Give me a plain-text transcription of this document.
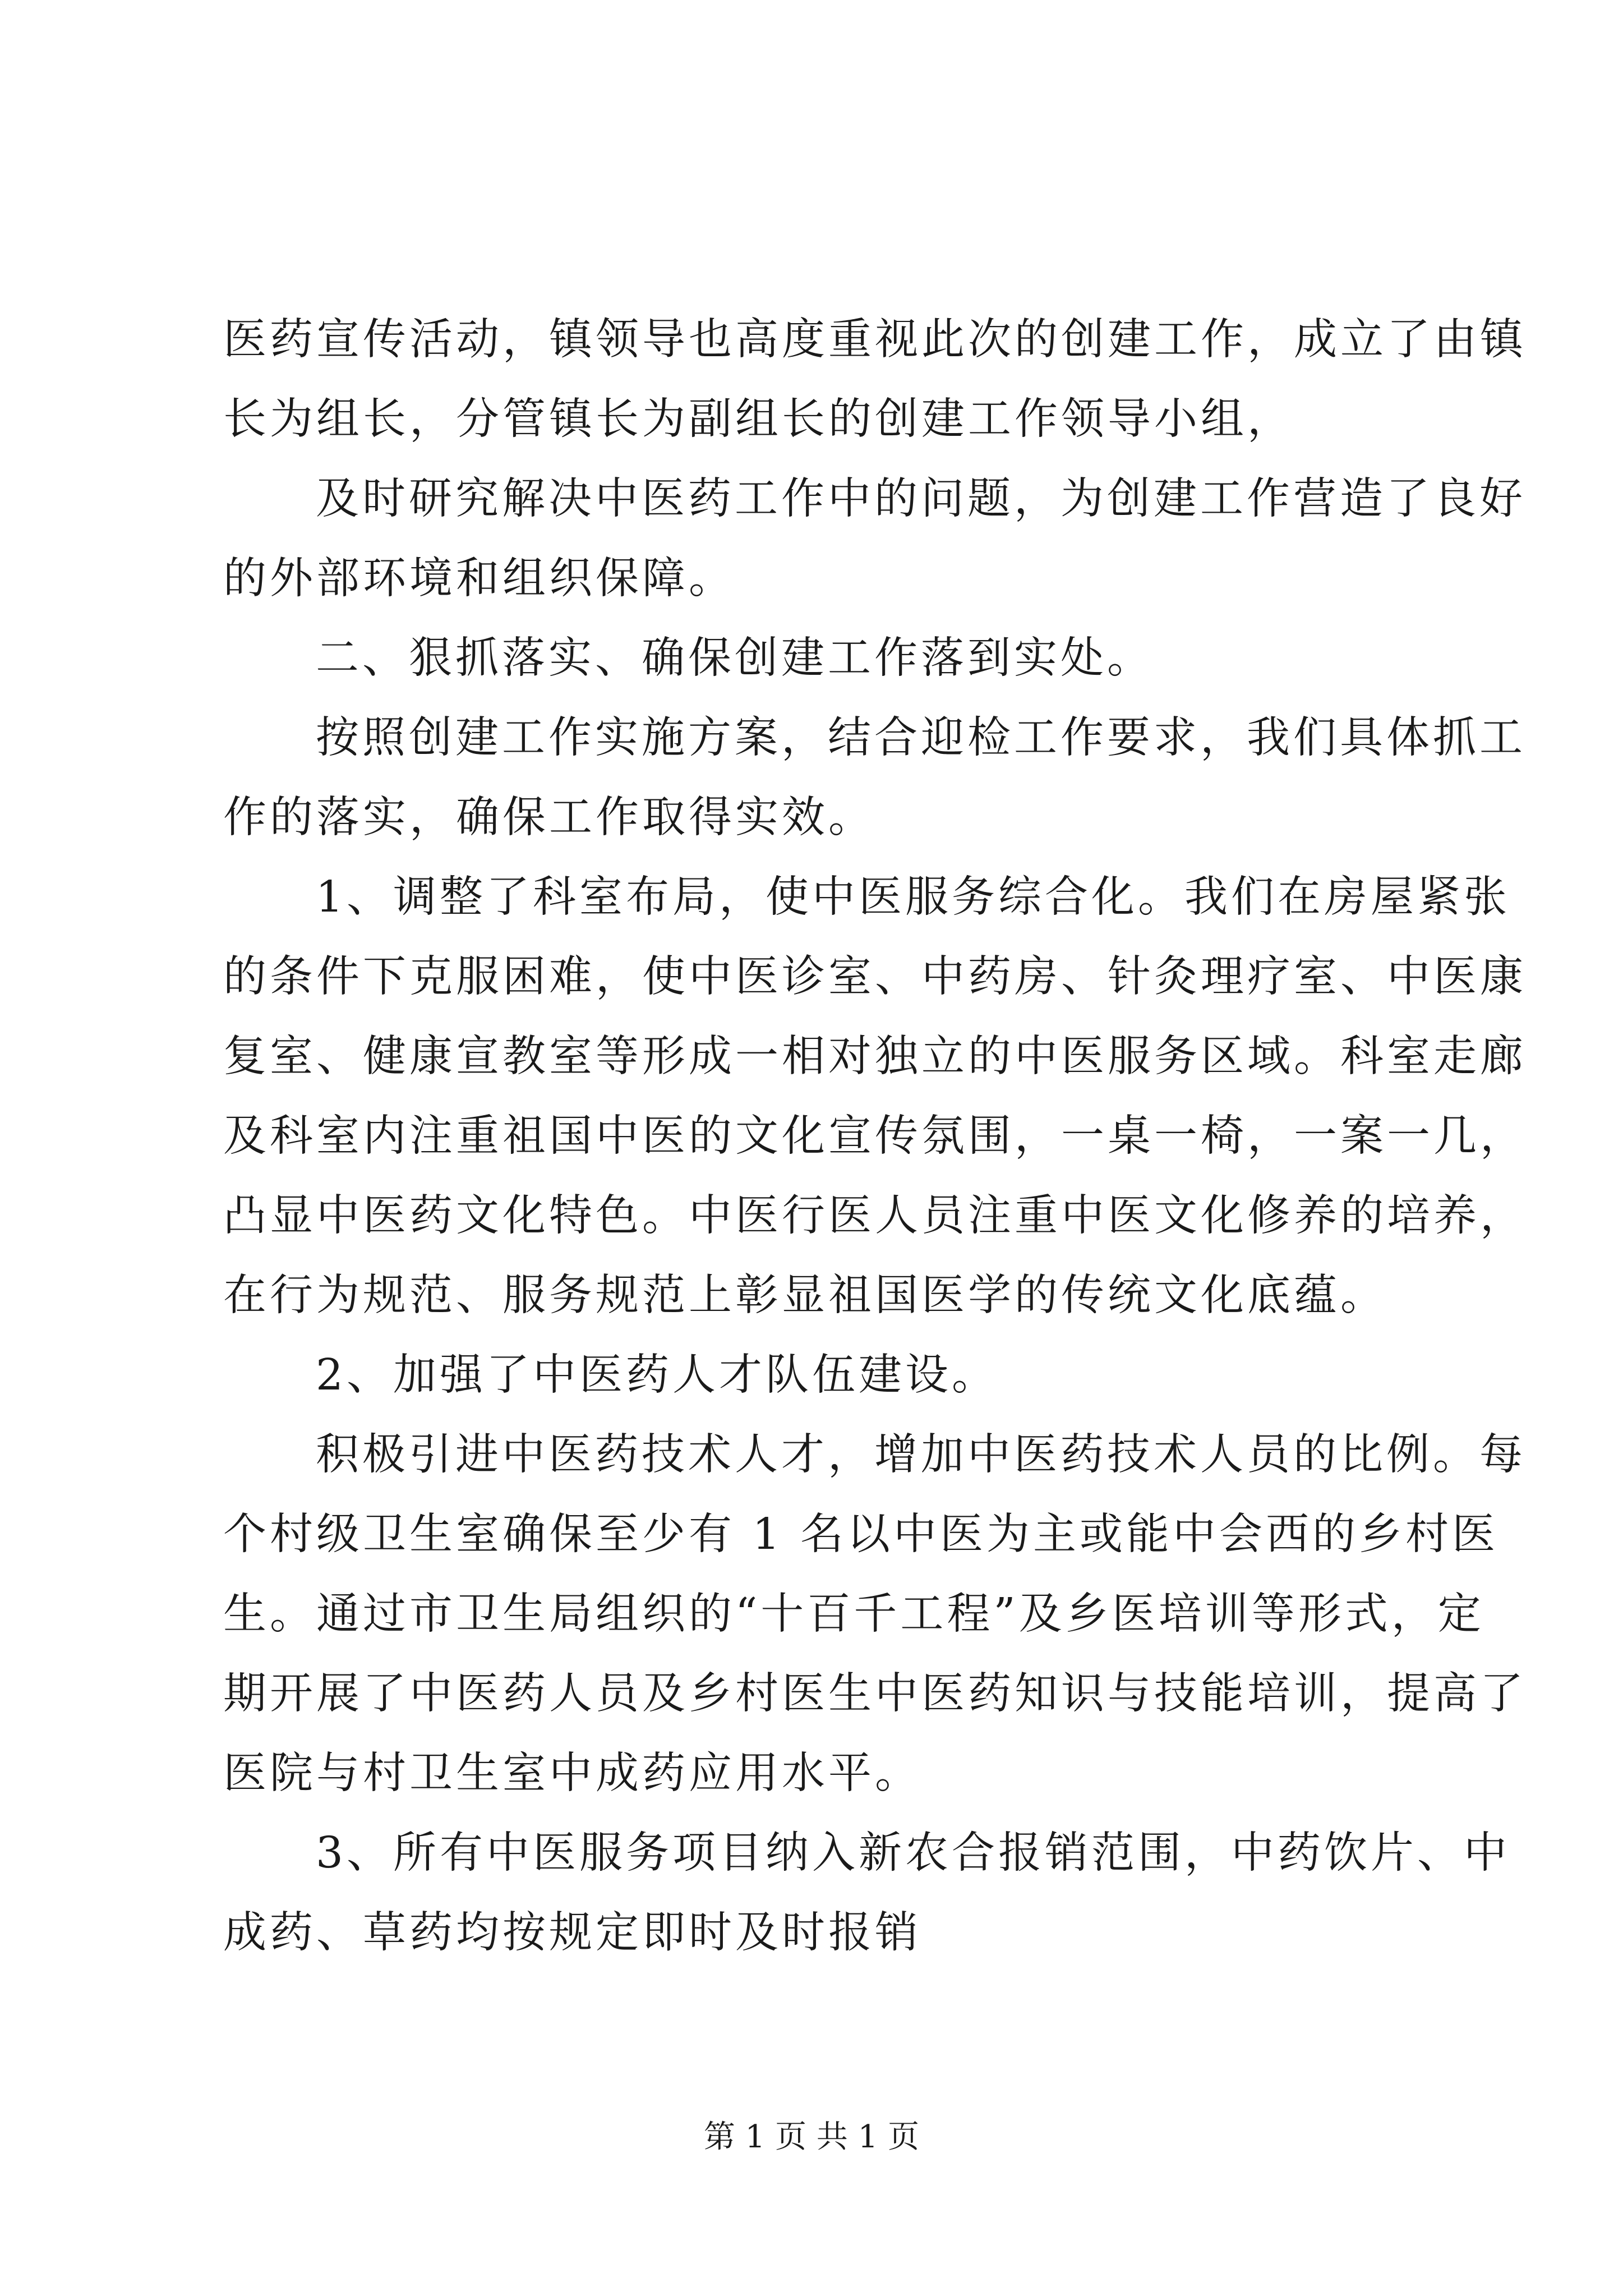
医药宣传活动，镇领导也高度重视此次的创建工作，成立了由镇
长为组长，分管镇长为副组长的创建工作领导小组，
及时研究解决中医药工作中的问题，为创建工作营造了良好
的外部环境和组织保障。
二、狠抓落实、确保创建工作落到实处。
按照创建工作实施方案，结合迎检工作要求，我们具体抓工
作的落实，确保工作取得实效。
1、调整了科室布局，使中医服务综合化。我们在房屋紧张
的条件下克服困难，使中医诊室、中药房、针灸理疗室、中医康
复室、健康宣教室等形成一相对独立的中医服务区域。科室走廊
及科室内注重祖国中医的文化宣传氛围，一桌一椅，一案一几，
凸显中医药文化特色。中医行医人员注重中医文化修养的培养，
在行为规范、服务规范上彰显祖国医学的传统文化底蕴。
2、加强了中医药人才队伍建设。
积极引进中医药技术人才，增加中医药技术人员的比例。每
个村级卫生室确保至少有 1 名以中医为主或能中会西的乡村医
生。通过市卫生局组织的“十百千工程”及乡医培训等形式，定
期开展了中医药人员及乡村医生中医药知识与技能培训，提高了
医院与村卫生室中成药应用水平。
3、所有中医服务项目纳入新农合报销范围，中药饮片、中
成药、草药均按规定即时及时报销
第 1 页 共 1 页
